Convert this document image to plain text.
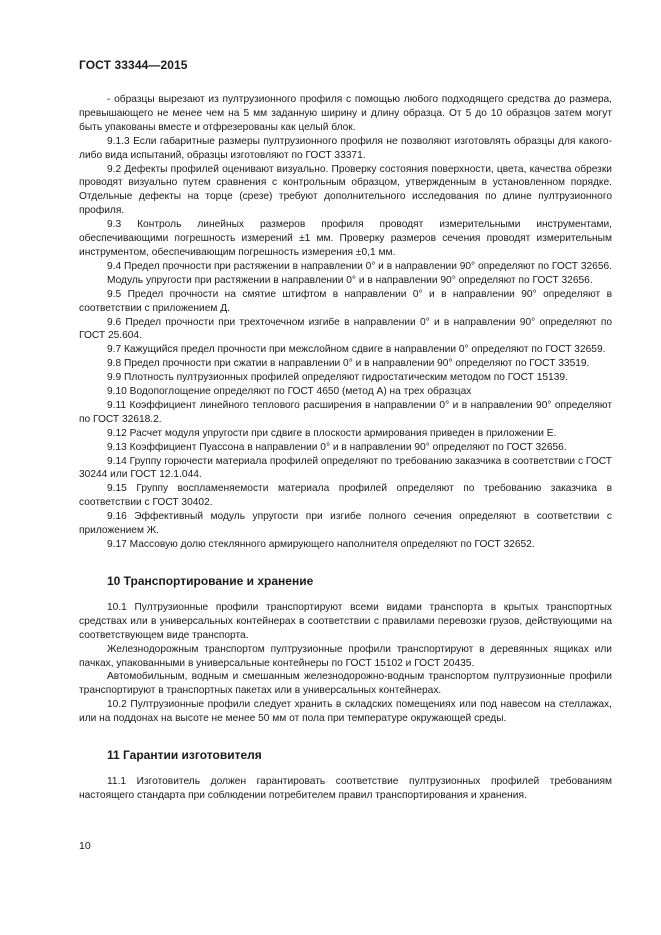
ГОСТ 33344—2015

- образцы вырезают из пултрузионного профиля с помощью любого подходящего средства до размера, превышающего не менее чем на 5 мм заданную ширину и длину образца. От 5 до 10 образцов затем могут быть упакованы вместе и отфрезерованы как целый блок.

9.1.3 Если габаритные размеры пултрузионного профиля не позволяют изготовлять образцы для какого-либо вида испытаний, образцы изготовляют по ГОСТ 33371.

9.2 Дефекты профилей оценивают визуально. Проверку состояния поверхности, цвета, качества обрезки проводят визуально путем сравнения с контрольным образцом, утвержденным в установленном порядке. Отдельные дефекты на торце (срезе) требуют дополнительного исследования по длине пултрузионного профиля.

9.3 Контроль линейных размеров профиля проводят измерительными инструментами, обеспечивающими погрешность измерений ±1 мм. Проверку размеров сечения проводят измерительным инструментом, обеспечивающим погрешность измерения ±0,1 мм.

9.4 Предел прочности при растяжении в направлении 0° и в направлении 90° определяют по ГОСТ 32656.

Модуль упругости при растяжении в направлении 0° и в направлении 90° определяют по ГОСТ 32656.

9.5 Предел прочности на смятие штифтом в направлении 0° и в направлении 90° определяют в соответствии с приложением Д.

9.6 Предел прочности при трехточечном изгибе в направлении 0° и в направлении 90° определяют по ГОСТ 25.604.

9.7 Кажущийся предел прочности при межслойном сдвиге в направлении 0° определяют по ГОСТ 32659.

9.8 Предел прочности при сжатии в направлении 0° и в направлении 90° определяют по ГОСТ 33519.

9.9 Плотность пултрузионных профилей определяют гидростатическим методом по ГОСТ 15139.

9.10 Водопоглощение определяют по ГОСТ 4650 (метод А) на трех образцах

9.11 Коэффициент линейного теплового расширения в направлении 0° и в направлении 90° определяют по ГОСТ 32618.2.

9.12 Расчет модуля упругости при сдвиге в плоскости армирования приведен в приложении Е.

9.13 Коэффициент Пуассона в направлении 0° и в направлении 90° определяют по ГОСТ 32656.

9.14 Группу горючести материала профилей определяют по требованию заказчика в соответствии с ГОСТ 30244 или ГОСТ 12.1.044.

9.15 Группу воспламеняемости материала профилей определяют по требованию заказчика в соответствии с ГОСТ 30402.

9.16 Эффективный модуль упругости при изгибе полного сечения определяют в соответствии с приложением Ж.

9.17 Массовую долю стеклянного армирующего наполнителя определяют по ГОСТ 32652.

10 Транспортирование и хранение

10.1 Пултрузионные профили транспортируют всеми видами транспорта в крытых транспортных средствах или в универсальных контейнерах в соответствии с правилами перевозки грузов, действующими на соответствующем виде транспорта.

Железнодорожным транспортом пултрузионные профили транспортируют в деревянных ящиках или пачках, упакованными в универсальные контейнеры по ГОСТ 15102 и ГОСТ 20435.

Автомобильным, водным и смешанным железнодорожно-водным транспортом пултрузионные профили транспортируют в транспортных пакетах или в универсальных контейнерах.

10.2 Пултрузионные профили следует хранить в складских помещениях или под навесом на стеллажах, или на поддонах на высоте не менее 50 мм от пола при температуре окружающей среды.

11 Гарантии изготовителя

11.1 Изготовитель должен гарантировать соответствие пултрузионных профилей требованиям настоящего стандарта при соблюдении потребителем правил транспортирования и хранения.

10
